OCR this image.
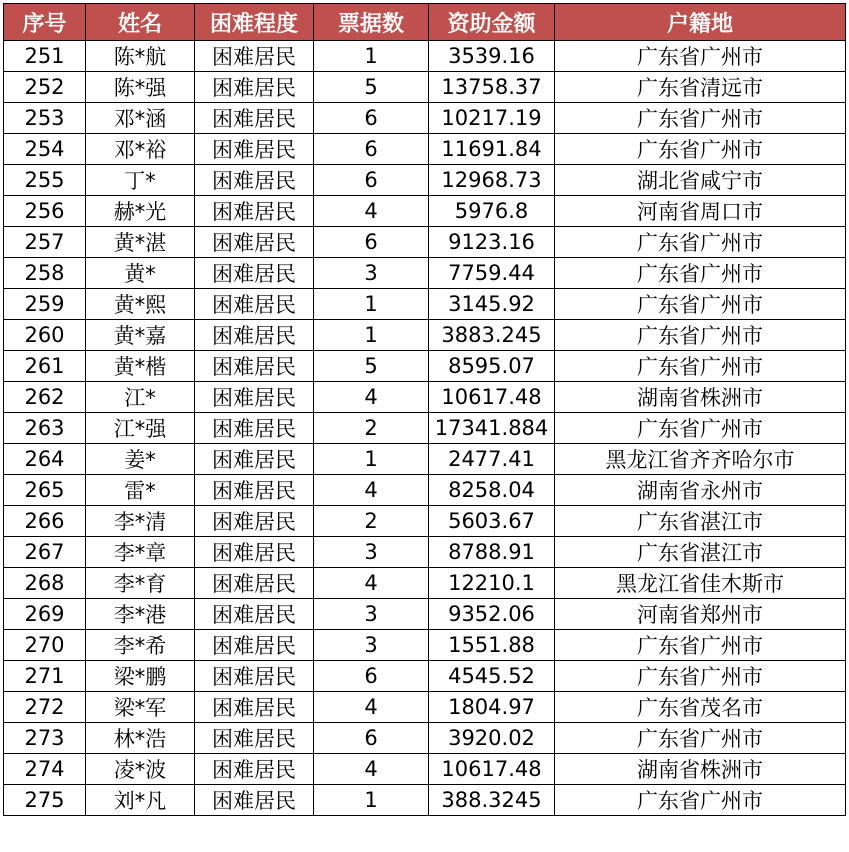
序号	姓名	困难程度	票据数	资助金额	户籍地
251	陈*航	困难居民	1	3539.16	广东省广州市
252	陈*强	困难居民	5	13758.37	广东省清远市
253	邓*涵	困难居民	6	10217.19	广东省广州市
254	邓*裕	困难居民	6	11691.84	广东省广州市
255	丁*	困难居民	6	12968.73	湖北省咸宁市
256	赫*光	困难居民	4	5976.8	河南省周口市
257	黄*湛	困难居民	6	9123.16	广东省广州市
258	黄*	困难居民	3	7759.44	广东省广州市
259	黄*熙	困难居民	1	3145.92	广东省广州市
260	黄*嘉	困难居民	1	3883.245	广东省广州市
261	黄*楷	困难居民	5	8595.07	广东省广州市
262	江*	困难居民	4	10617.48	湖南省株洲市
263	江*强	困难居民	2	17341.884	广东省广州市
264	姜*	困难居民	1	2477.41	黑龙江省齐齐哈尔市
265	雷*	困难居民	4	8258.04	湖南省永州市
266	李*清	困难居民	2	5603.67	广东省湛江市
267	李*章	困难居民	3	8788.91	广东省湛江市
268	李*育	困难居民	4	12210.1	黑龙江省佳木斯市
269	李*港	困难居民	3	9352.06	河南省郑州市
270	李*希	困难居民	3	1551.88	广东省广州市
271	梁*鹏	困难居民	6	4545.52	广东省广州市
272	梁*军	困难居民	4	1804.97	广东省茂名市
273	林*浩	困难居民	6	3920.02	广东省广州市
274	凌*波	困难居民	4	10617.48	湖南省株洲市
275	刘*凡	困难居民	1	388.3245	广东省广州市
